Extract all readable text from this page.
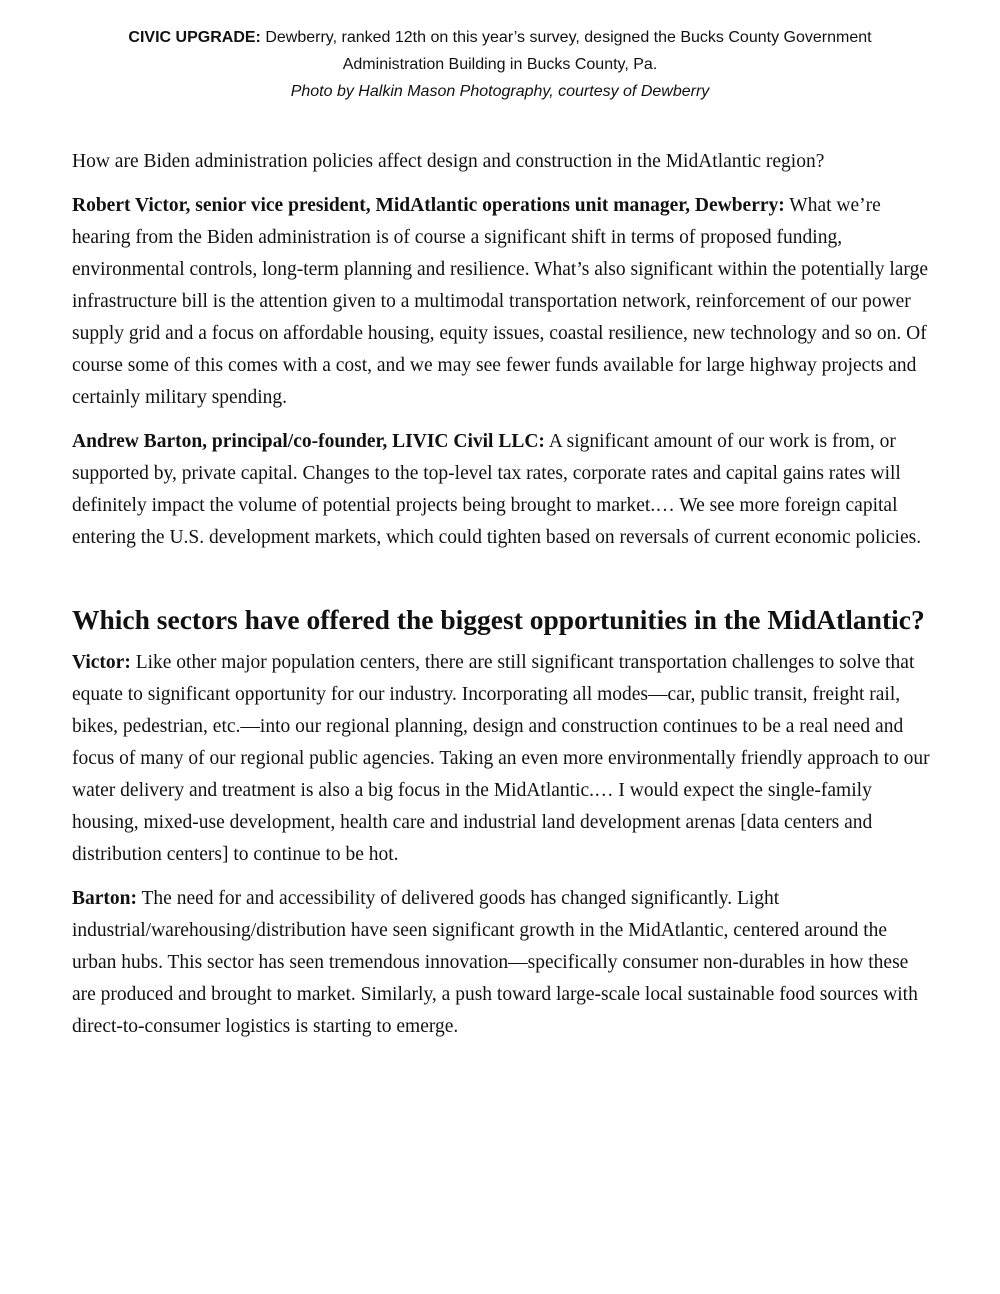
CIVIC UPGRADE: Dewberry, ranked 12th on this year’s survey, designed the Bucks County Government Administration Building in Bucks County, Pa.
Photo by Halkin Mason Photography, courtesy of Dewberry

How are Biden administration policies affect design and construction in the MidAtlantic region?

Robert Victor, senior vice president, MidAtlantic operations unit manager, Dewberry: What we’re hearing from the Biden administration is of course a significant shift in terms of proposed funding, environmental controls, long-term planning and resilience. What’s also significant within the potentially large infrastructure bill is the attention given to a multimodal transportation network, reinforcement of our power supply grid and a focus on affordable housing, equity issues, coastal resilience, new technology and so on. Of course some of this comes with a cost, and we may see fewer funds available for large highway projects and certainly military spending.

Andrew Barton, principal/co-founder, LIVIC Civil LLC: A significant amount of our work is from, or supported by, private capital. Changes to the top-level tax rates, corporate rates and capital gains rates will definitely impact the volume of potential projects being brought to market.… We see more foreign capital entering the U.S. development markets, which could tighten based on reversals of current economic policies.

Which sectors have offered the biggest opportunities in the MidAtlantic?

Victor: Like other major population centers, there are still significant transportation challenges to solve that equate to significant opportunity for our industry. Incorporating all modes—car, public transit, freight rail, bikes, pedestrian, etc.—into our regional planning, design and construction continues to be a real need and focus of many of our regional public agencies. Taking an even more environmentally friendly approach to our water delivery and treatment is also a big focus in the MidAtlantic.… I would expect the single-family housing, mixed-use development, health care and industrial land development arenas [data centers and distribution centers] to continue to be hot.

Barton: The need for and accessibility of delivered goods has changed significantly. Light industrial/warehousing/distribution have seen significant growth in the MidAtlantic, centered around the urban hubs. This sector has seen tremendous innovation—specifically consumer non-durables in how these are produced and brought to market. Similarly, a push toward large-scale local sustainable food sources with direct-to-consumer logistics is starting to emerge.
